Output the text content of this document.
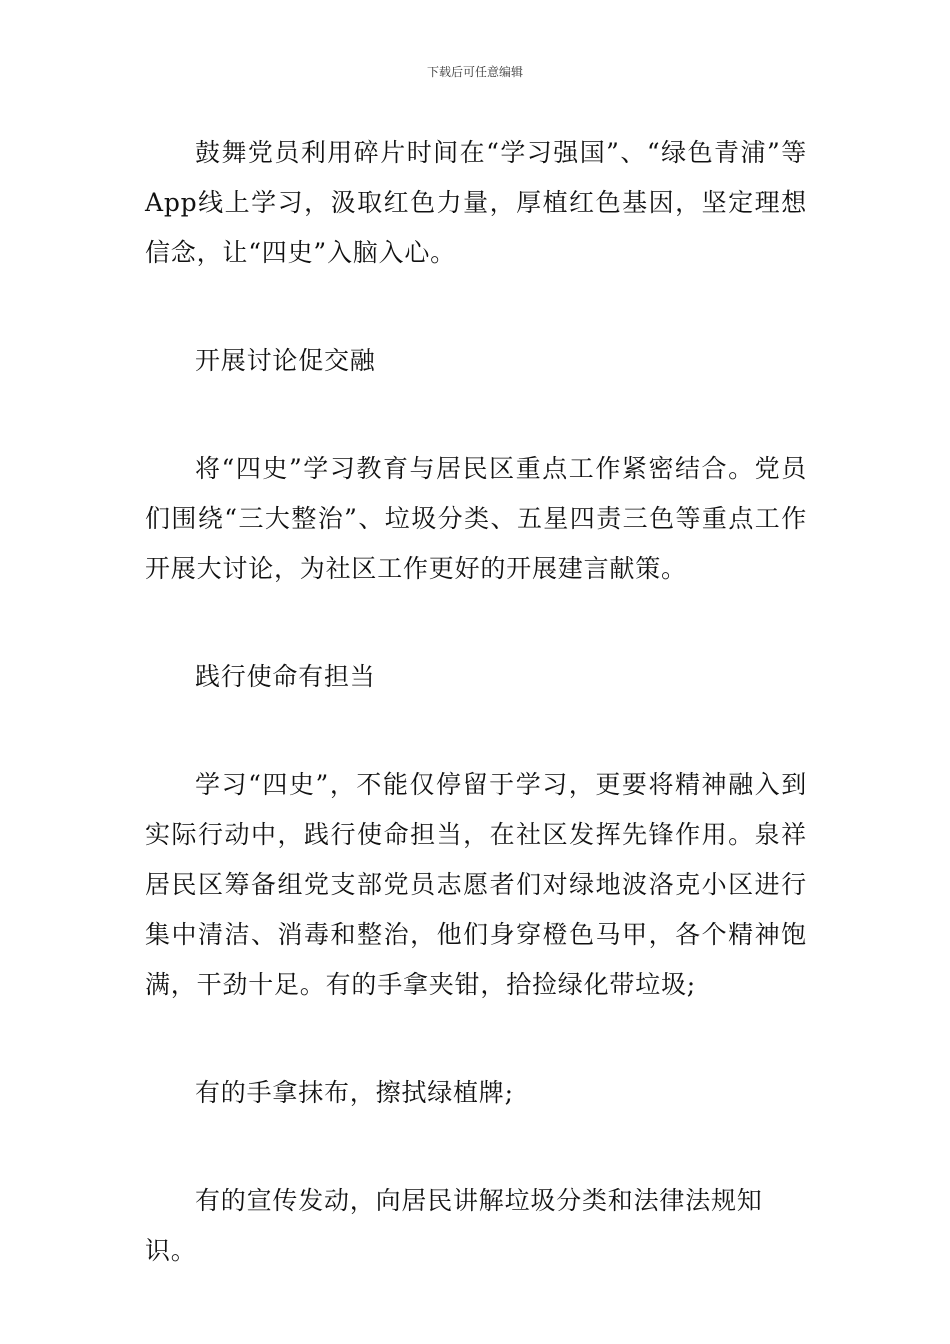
下载后可任意编辑

鼓舞党员利用碎片时间在“学习强国”、“绿色青浦”等App线上学习，汲取红色力量，厚植红色基因，坚定理想信念，让“四史”入脑入心。

开展讨论促交融

将“四史”学习教育与居民区重点工作紧密结合。党员们围绕“三大整治”、垃圾分类、五星四责三色等重点工作开展大讨论，为社区工作更好的开展建言献策。

践行使命有担当

学习“四史”，不能仅停留于学习，更要将精神融入到实际行动中，践行使命担当，在社区发挥先锋作用。泉祥居民区筹备组党支部党员志愿者们对绿地波洛克小区进行集中清洁、消毒和整治，他们身穿橙色马甲，各个精神饱满，干劲十足。有的手拿夹钳，拾捡绿化带垃圾;

有的手拿抹布，擦拭绿植牌;

有的宣传发动，向居民讲解垃圾分类和法律法规知识。
